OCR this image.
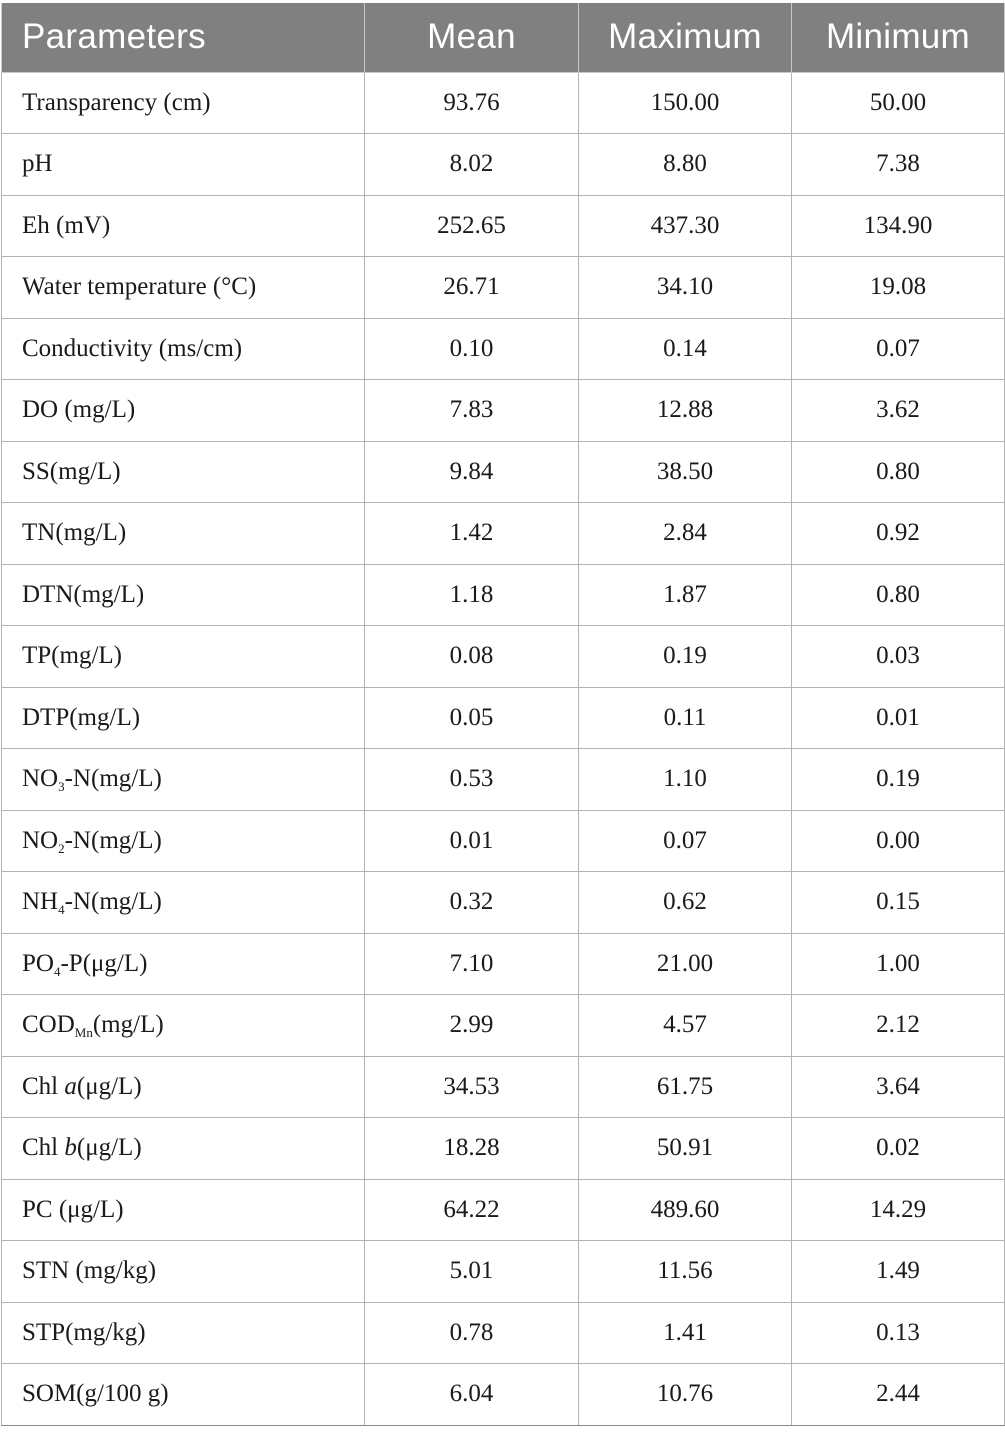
Parameters	Mean	Maximum	Minimum
Transparency (cm)	93.76	150.00	50.00
pH	8.02	8.80	7.38
Eh (mV)	252.65	437.30	134.90
Water temperature (°C)	26.71	34.10	19.08
Conductivity (ms/cm)	0.10	0.14	0.07
DO (mg/L)	7.83	12.88	3.62
SS(mg/L)	9.84	38.50	0.80
TN(mg/L)	1.42	2.84	0.92
DTN(mg/L)	1.18	1.87	0.80
TP(mg/L)	0.08	0.19	0.03
DTP(mg/L)	0.05	0.11	0.01
$NO_3-N(mg/L)$	0.53	1.10	0.19
$NO_2-N(mg/L)$	0.01	0.07	0.00
$NH_4-N(mg/L)$	0.32	0.62	0.15
$PO_4-P(\mu g/L)$	7.10	21.00	1.00
$COD_{Mn}(mg/L)$	2.99	4.57	2.12
Chl a(μg/L)	34.53	61.75	3.64
Chl b(μg/L)	18.28	50.91	0.02
PC (μg/L)	64.22	489.60	14.29
STN (mg/kg)	5.01	11.56	1.49
STP(mg/kg)	0.78	1.41	0.13
SOM(g/100 g)	6.04	10.76	2.44
